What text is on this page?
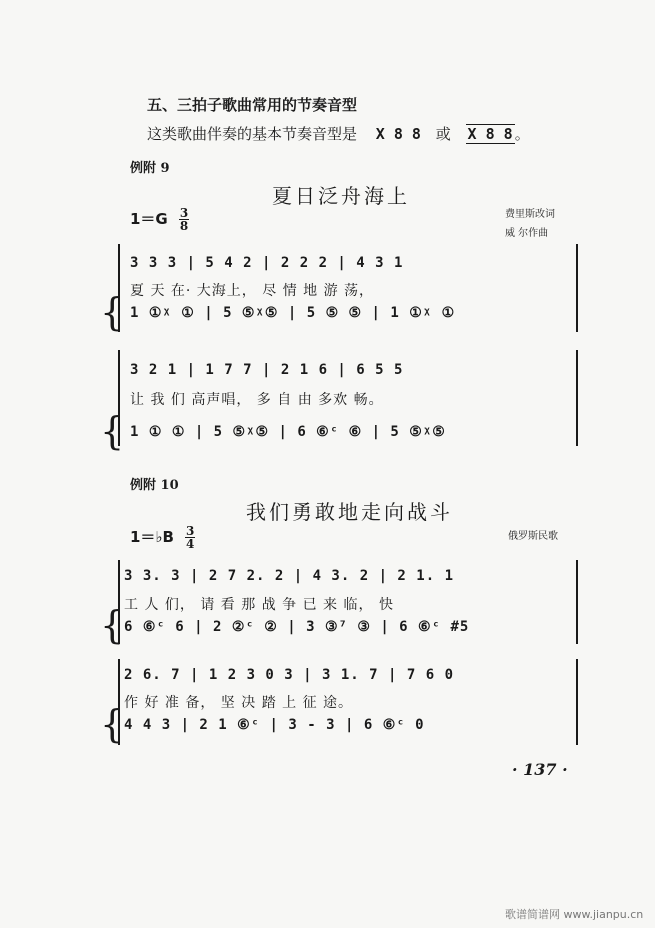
五、三拍子歌曲常用的节奏音型
这类歌曲伴奏的基本节奏音型是 X 8 8 或 X 8 8 。
例附 9
夏日泛舟海上
费里斯改词
威 尔作曲
$1=G \frac{3}{8}$
{
3 3 3 | 5 4 2 | 2 2 2 | 4 3 1
夏 天 在· 大海上， 尽 情 地 游 荡，
1 ①ᵡ ① | 5 ⑤ᵡ⑤ | 5 ⑤ ⑤ | 1 ①ᵡ ①
{
3 2 1 | 1 7 7 | 2 1 6 | 6 5 5
让 我 们 高声唱， 多 自 由 多欢 畅。
1 ① ① | 5 ⑤ᵡ⑤ | 6 ⑥ᶜ ⑥ | 5 ⑤ᵡ⑤
例附 10
我们勇敢地走向战斗
俄罗斯民歌
1＝♭B $\frac{3}{4}$
{
3 3. 3 | 2 7 2. 2 | 4 3. 2 | 2 1. 1
工 人 们， 请 看 那 战 争 已 来 临， 快
6 ⑥ᶜ 6 | 2 ②ᶜ ② | 3 ③⁷ ③ | 6 ⑥ᶜ #5
{
2 6. 7 | 1 2 3 0 3 | 3 1. 7 | 7 6 0
作 好 准 备， 坚 决 踏 上 征 途。
4 4 3 | 2 1 ⑥ᶜ | 3 - 3 | 6 ⑥ᶜ 0
· 137 ·
歌谱简谱网 www.jianpu.cn
